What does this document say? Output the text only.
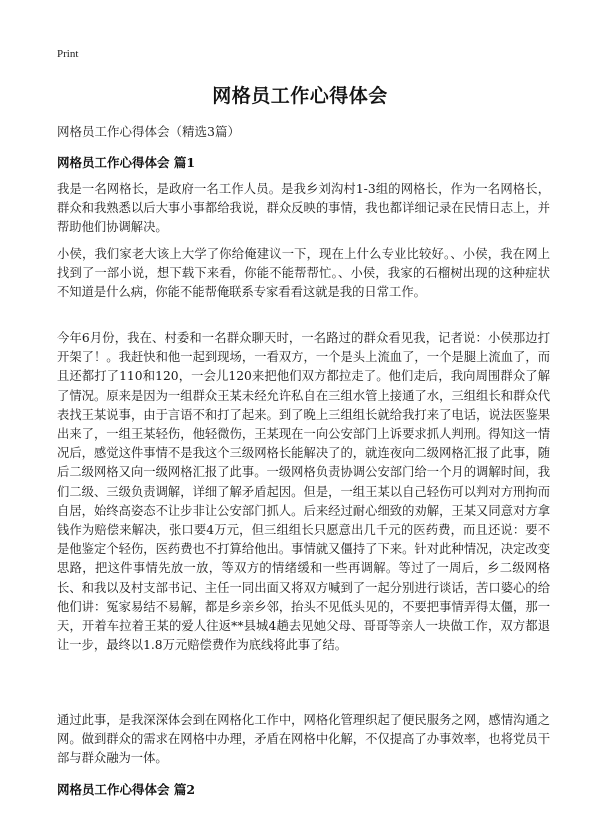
Print
网格员工作心得体会
网格员工作心得体会（精选3篇）
网格员工作心得体会 篇1

我是一名网格长，是政府一名工作人员。是我乡刘沟村1-3组的网格长，作为一名网格长，群众和我熟悉以后大事小事都给我说，群众反映的事情，我也都详细记录在民情日志上，并帮助他们协调解决。

小侯，我们家老大该上大学了你给俺建议一下，现在上什么专业比较好。、小侯，我在网上找到了一部小说，想下载下来看，你能不能帮帮忙。、小侯，我家的石榴树出现的这种症状不知道是什么病，你能不能帮俺联系专家看看这就是我的日常工作。

今年6月份，我在、村委和一名群众聊天时，一名路过的群众看见我，记者说：小侯那边打开架了！。我赶快和他一起到现场，一看双方，一个是头上流血了，一个是腿上流血了，而且还都打了110和120，一会儿120来把他们双方都拉走了。他们走后，我向周围群众了解了情况。原来是因为一组群众王某未经允许私自在三组水管上接通了水，三组组长和群众代表找王某说事，由于言语不和打了起来。到了晚上三组组长就给我打来了电话，说法医鉴果出来了，一组王某轻伤，他轻微伤，王某现在一向公安部门上诉要求抓人判刑。得知这一情况后，感觉这件事情不是我这个三级网格长能解决了的，就连夜向二级网格汇报了此事，随后二级网格又向一级网格汇报了此事。一级网格负责协调公安部门给一个月的调解时间，我们二级、三级负责调解，详细了解矛盾起因。但是，一组王某以自己轻伤可以判对方刑拘而自居，始终高姿态不让步非让公安部门抓人。后来经过耐心细致的劝解，王某又同意对方拿钱作为赔偿来解决，张口要4万元，但三组组长只愿意出几千元的医药费，而且还说：要不是他鉴定个轻伤，医药费也不打算给他出。事情就又僵持了下来。针对此种情况，决定改变思路，把这件事情先放一放，等双方的情绪缓和一些再调解。等过了一周后，乡二级网格长、和我以及村支部书记、主任一同出面又将双方喊到了一起分别进行谈话，苦口婆心的给他们讲：冤家易结不易解，都是乡亲乡邻，抬头不见低头见的，不要把事情弄得太僵，那一天，开着车拉着王某的爱人往返**县城4趟去见她父母、哥哥等亲人一块做工作，双方都退让一步，最终以1.8万元赔偿费作为底线将此事了结。

通过此事，是我深深体会到在网格化工作中，网格化管理织起了便民服务之网，感情沟通之网。做到群众的需求在网格中办理，矛盾在网格中化解，不仅提高了办事效率，也将党员干部与群众融为一体。

网格员工作心得体会 篇2
